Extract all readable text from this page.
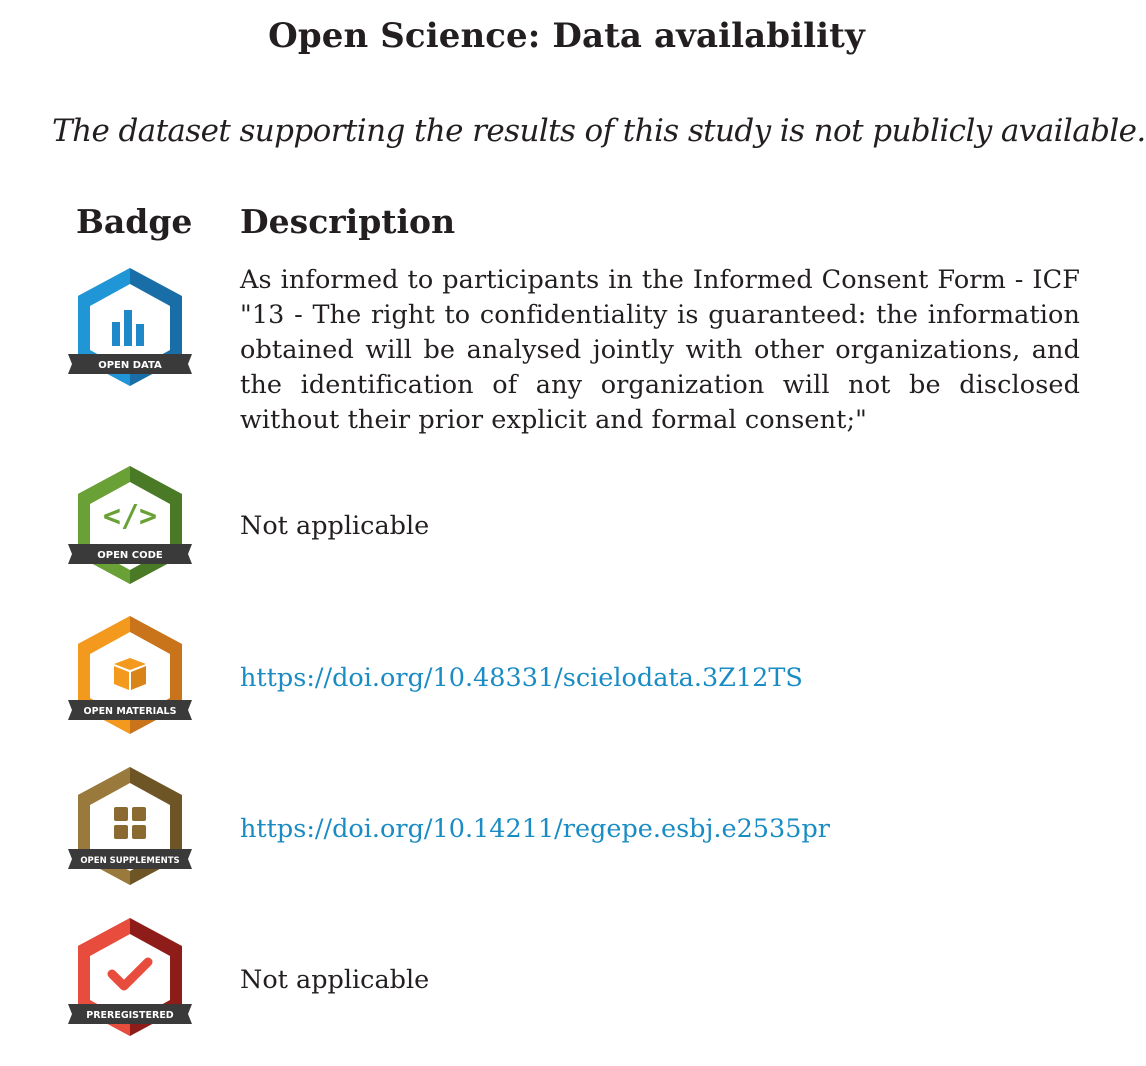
Open Science: Data availability
The dataset supporting the results of this study is not publicly available.
Badge Description
OPEN DATA
As informed to participants in the Informed Consent Form - ICF "13 - The right to confidentiality is guaranteed: the information obtained will be analysed jointly with other organizations, and the identification of any organization will not be disclosed without their prior explicit and formal consent;"
</>
OPEN CODE
Not applicable
OPEN MATERIALS
https://doi.org/10.48331/scielodata.3Z12TS
OPEN SUPPLEMENTS
https://doi.org/10.14211/regepe.esbj.e2535pr
PREREGISTERED
Not applicable
